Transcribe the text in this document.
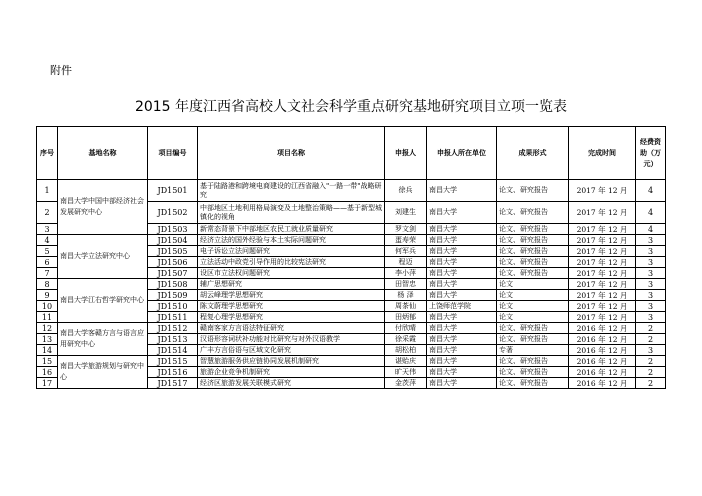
附件
2015 年度江西省高校人文社会科学重点研究基地研究项目立项一览表
序号	基地名称	项目编号	项目名称	申报人	申报人所在单位	成果形式	完成时间	经费资助（万元）
1	南昌大学中国中部经济社会发展研究中心	JD1501	基于陆路港和跨境电商建设的江西省融入"一路一带"战略研究	徐兵	南昌大学	论文、研究报告	2017 年 12 月	4
2		JD1502	中部地区土地利用格局演变及土地整治策略——基于新型城镇化的视角	刘建生	南昌大学	论文、研究报告	2017 年 12 月	4
3		JD1503	新常态背景下中部地区农民工就业质量研究	罗文剑	南昌大学	论文、研究报告	2017 年 12 月	4
4	南昌大学立法研究中心	JD1504	经济立法的国外经验与本土实际问题研究	蛋寿荣	南昌大学	论文、研究报告	2017 年 12 月	3
5		JD1505	电子诉讼立法问题研究	何军兵	南昌大学	论文、研究报告	2017 年 12 月	3
6		JD1506	立法活动中政党引导作用的比较宪法研究	程迈	南昌大学	论文、研究报告	2017 年 12 月	3
7		JD1507	设区市立法权问题研究	李小萍	南昌大学	论文、研究报告	2017 年 12 月	3
8	南昌大学江右哲学研究中心	JD1508	辅广思想研究	田智忠	南昌大学	论文	2017 年 12 月	3
9		JD1509	胡云峰理学思想研究	杨 泽	南昌大学	论文	2017 年 12 月	3
10		JD1510	陈文蔚理学思想研究	周茶仙	上饶师范学院	论文	2017 年 12 月	3
11		JD1511	程复心理学思想研究	田炳郁	南昌大学	论文	2017 年 12 月	3
12	南昌大学客赣方言与语言应用研究中心	JD1512	赣南客家方言语法特征研究	付欣晴	南昌大学	论文、研究报告	2016 年 12 月	2
13		JD1513	汉语形容词状补功能对比研究与对外汉语教学	徐采霞	南昌大学	论文、研究报告	2016 年 12 月	2
14		JD1514	广丰方言俗语与区域文化研究	胡松柏	南昌大学	专著	2016 年 12 月	3
15	南昌大学旅游规划与研究中心	JD1515	智慧旅游服务供应链协同发展机制研究	谌贻庆	南昌大学	论文、研究报告	2016 年 12 月	2
16		JD1516	旅游企业竞争机制研究	旷天伟	南昌大学	论文、研究报告	2016 年 12 月	2
17		JD1517	经济区旅游发展关联模式研究	金茨萍	南昌大学	论文、研究报告	2016 年 12 月	2
